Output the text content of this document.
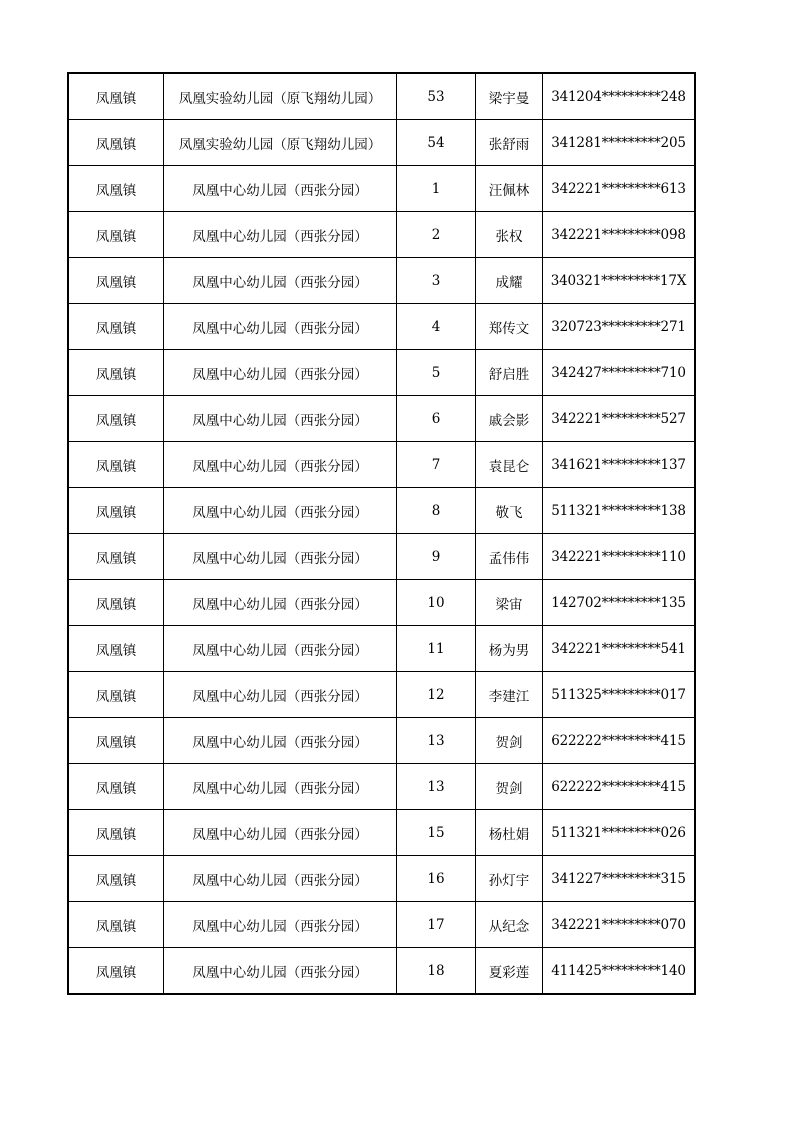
凤凰镇	凤凰实验幼儿园（原飞翔幼儿园）	53	梁宇曼	341204*********248
凤凰镇	凤凰实验幼儿园（原飞翔幼儿园）	54	张舒雨	341281*********205
凤凰镇	凤凰中心幼儿园（西张分园）	1	汪佩林	342221*********613
凤凰镇	凤凰中心幼儿园（西张分园）	2	张权	342221*********098
凤凰镇	凤凰中心幼儿园（西张分园）	3	成耀	340321*********17X
凤凰镇	凤凰中心幼儿园（西张分园）	4	郑传文	320723*********271
凤凰镇	凤凰中心幼儿园（西张分园）	5	舒启胜	342427*********710
凤凰镇	凤凰中心幼儿园（西张分园）	6	戚会影	342221*********527
凤凰镇	凤凰中心幼儿园（西张分园）	7	袁昆仑	341621*********137
凤凰镇	凤凰中心幼儿园（西张分园）	8	敬飞	511321*********138
凤凰镇	凤凰中心幼儿园（西张分园）	9	孟伟伟	342221*********110
凤凰镇	凤凰中心幼儿园（西张分园）	10	梁宙	142702*********135
凤凰镇	凤凰中心幼儿园（西张分园）	11	杨为男	342221*********541
凤凰镇	凤凰中心幼儿园（西张分园）	12	李建江	511325*********017
凤凰镇	凤凰中心幼儿园（西张分园）	13	贺剑	622222*********415
凤凰镇	凤凰中心幼儿园（西张分园）	13	贺剑	622222*********415
凤凰镇	凤凰中心幼儿园（西张分园）	15	杨杜娟	511321*********026
凤凰镇	凤凰中心幼儿园（西张分园）	16	孙灯宇	341227*********315
凤凰镇	凤凰中心幼儿园（西张分园）	17	从纪念	342221*********070
凤凰镇	凤凰中心幼儿园（西张分园）	18	夏彩莲	411425*********140
